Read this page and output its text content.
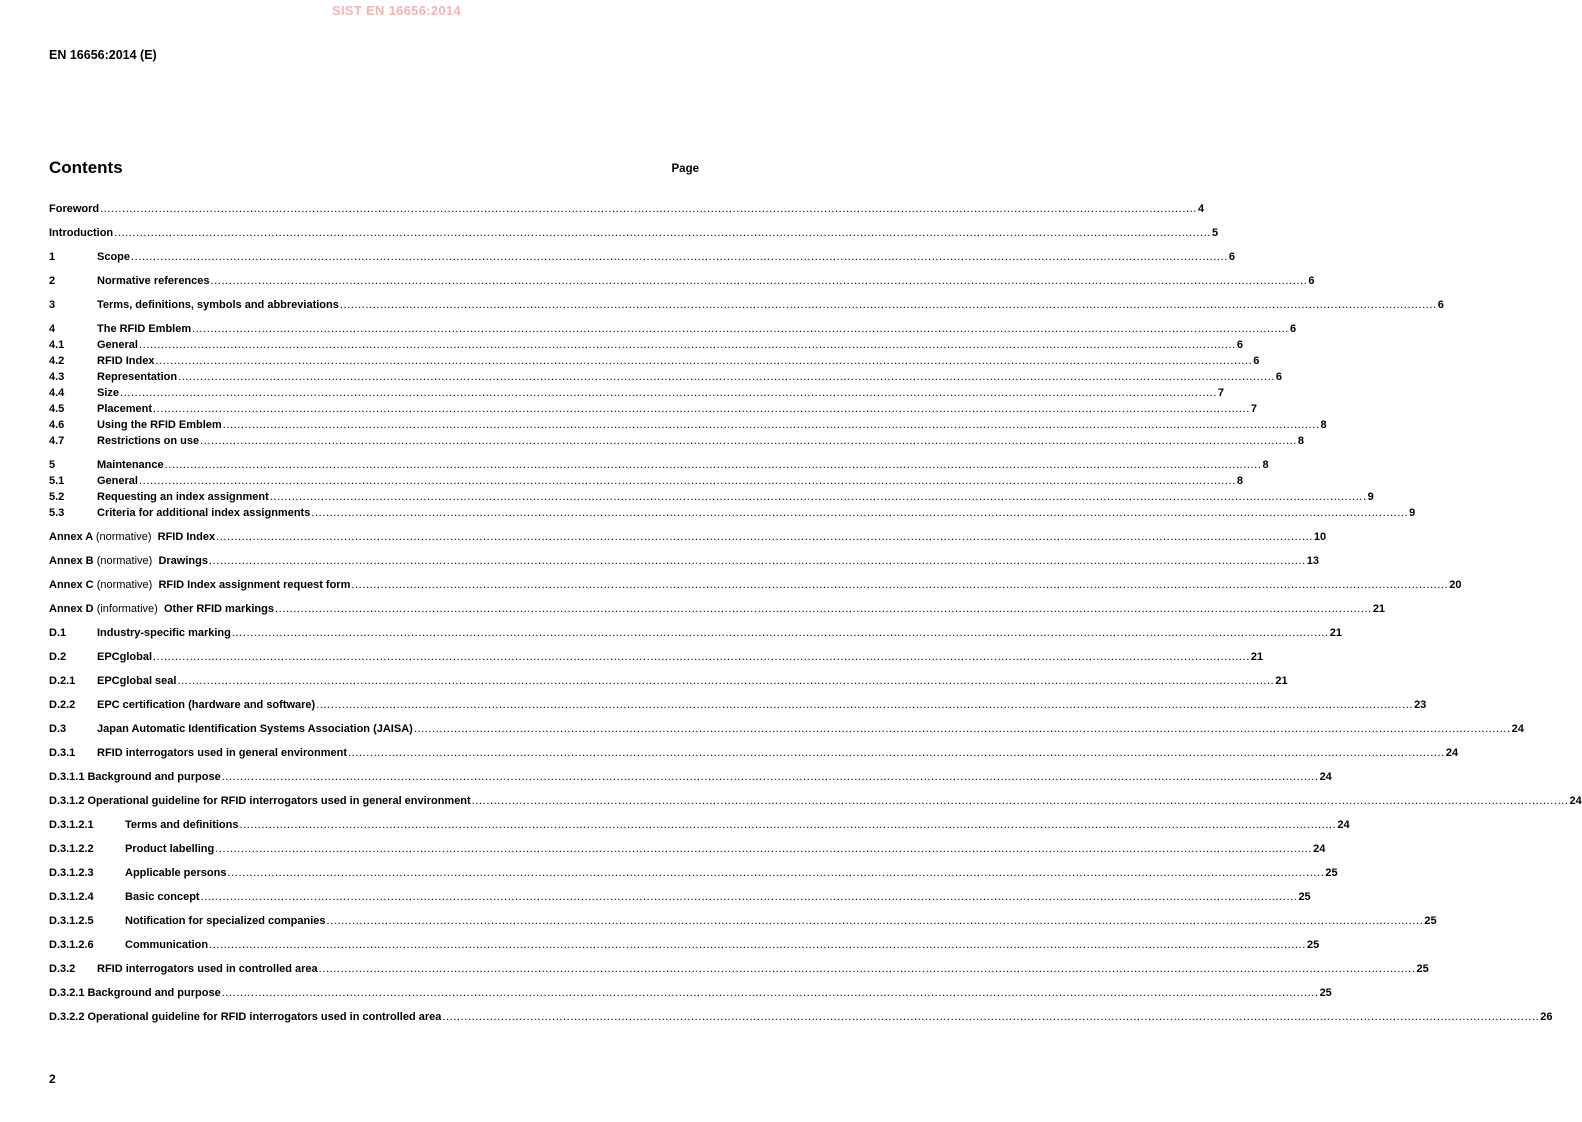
SIST EN 16656:2014
EN 16656:2014 (E)
Contents	Page
Foreword ............................................................................................................................................................................................................................................................................................................ 4
Introduction ............................................................................................................................................................................................................................................................................................................ 5
1	Scope ............................................................................................................................................................................................................................................................................................................ 6
2	Normative references ............................................................................................................................................................................................................................................................................................................ 6
3	Terms, definitions, symbols and abbreviations ............................................................................................................................................................................................................................................................................................................ 6
4	The RFID Emblem ............................................................................................................................................................................................................................................................................................................ 6
4.1	General ............................................................................................................................................................................................................................................................................................................ 6
4.2	RFID Index ............................................................................................................................................................................................................................................................................................................ 6
4.3	Representation ............................................................................................................................................................................................................................................................................................................ 6
4.4	Size ............................................................................................................................................................................................................................................................................................................ 7
4.5	Placement ............................................................................................................................................................................................................................................................................................................ 7
4.6	Using the RFID Emblem ............................................................................................................................................................................................................................................................................................................ 8
4.7	Restrictions on use ............................................................................................................................................................................................................................................................................................................ 8
5	Maintenance ............................................................................................................................................................................................................................................................................................................ 8
5.1	General ............................................................................................................................................................................................................................................................................................................ 8
5.2	Requesting an index assignment ............................................................................................................................................................................................................................................................................................................ 9
5.3	Criteria for additional index assignments ............................................................................................................................................................................................................................................................................................................ 9
Annex A (normative) RFID Index ............................................................................................................................................................................................................................................................................................................ 10
Annex B (normative) Drawings ............................................................................................................................................................................................................................................................................................................ 13
Annex C (normative) RFID Index assignment request form ............................................................................................................................................................................................................................................................................................................ 20
Annex D (informative) Other RFID markings ............................................................................................................................................................................................................................................................................................................ 21
D.1	Industry-specific marking ............................................................................................................................................................................................................................................................................................................ 21
D.2	EPCglobal ............................................................................................................................................................................................................................................................................................................ 21
D.2.1	EPCglobal seal ............................................................................................................................................................................................................................................................................................................ 21
D.2.2	EPC certification (hardware and software) ............................................................................................................................................................................................................................................................................................................ 23
D.3	Japan Automatic Identification Systems Association (JAISA) ............................................................................................................................................................................................................................................................................................................ 24
D.3.1	RFID interrogators used in general environment ............................................................................................................................................................................................................................................................................................................ 24
D.3.1.1 Background and purpose ............................................................................................................................................................................................................................................................................................................ 24
D.3.1.2 Operational guideline for RFID interrogators used in general environment ............................................................................................................................................................................................................................................................................................................ 24
D.3.1.2.1	Terms and definitions ............................................................................................................................................................................................................................................................................................................ 24
D.3.1.2.2	Product labelling ............................................................................................................................................................................................................................................................................................................ 24
D.3.1.2.3	Applicable persons ............................................................................................................................................................................................................................................................................................................ 25
D.3.1.2.4	Basic concept ............................................................................................................................................................................................................................................................................................................ 25
D.3.1.2.5	Notification for specialized companies ............................................................................................................................................................................................................................................................................................................ 25
D.3.1.2.6	Communication ............................................................................................................................................................................................................................................................................................................ 25
D.3.2	RFID interrogators used in controlled area ............................................................................................................................................................................................................................................................................................................ 25
D.3.2.1 Background and purpose ............................................................................................................................................................................................................................................................................................................ 25
D.3.2.2 Operational guideline for RFID interrogators used in controlled area ............................................................................................................................................................................................................................................................................................................ 26
2
